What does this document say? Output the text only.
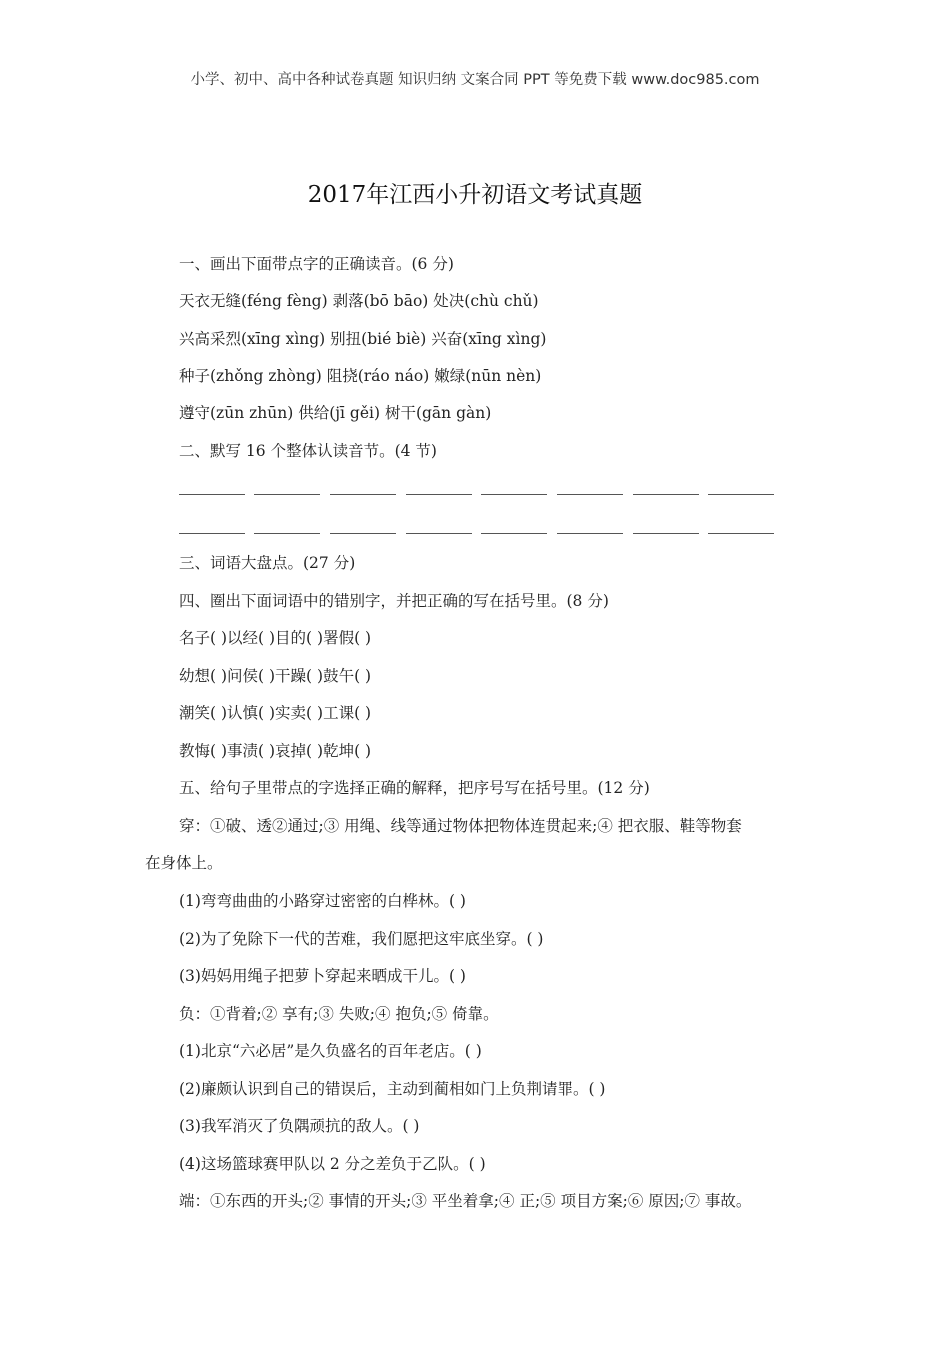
小学、初中、高中各种试卷真题 知识归纳 文案合同 PPT 等免费下载 www.doc985.com
2017年江西小升初语文考试真题
一、画出下面带点字的正确读音。(6 分)
天衣无缝(féng fèng) 剥落(bō bāo) 处决(chù chǔ)
兴高采烈(xīng xìng) 别扭(bié biè) 兴奋(xīng xìng)
种子(zhǒng zhòng) 阻挠(ráo náo) 嫩绿(nūn nèn)
遵守(zūn zhūn) 供给(jī gěi) 树干(gān gàn)
二、默写 16 个整体认读音节。(4 节)
三、词语大盘点。(27 分)
四、圈出下面词语中的错别字，并把正确的写在括号里。(8 分)
名子( )以经( )目的( )署假( )
幼想( )问侯( )干躁( )鼓午( )
潮笑( )认慎( )实卖( )工课( )
教悔( )事渍( )哀掉( )乾坤( )
五、给句子里带点的字选择正确的解释，把序号写在括号里。(12 分)
穿：①破、透②通过;③ 用绳、线等通过物体把物体连贯起来;④ 把衣服、鞋等物套
在身体上。
(1)弯弯曲曲的小路穿过密密的白桦林。( )
(2)为了免除下一代的苦难，我们愿把这牢底坐穿。( )
(3)妈妈用绳子把萝卜穿起来晒成干儿。( )
负：①背着;② 享有;③ 失败;④ 抱负;⑤ 倚靠。
(1)北京“六必居”是久负盛名的百年老店。( )
(2)廉颇认识到自己的错误后，主动到蔺相如门上负荆请罪。( )
(3)我军消灭了负隅顽抗的敌人。( )
(4)这场篮球赛甲队以 2 分之差负于乙队。( )
端：①东西的开头;② 事情的开头;③ 平坐着拿;④ 正;⑤ 项目方案;⑥ 原因;⑦ 事故。
